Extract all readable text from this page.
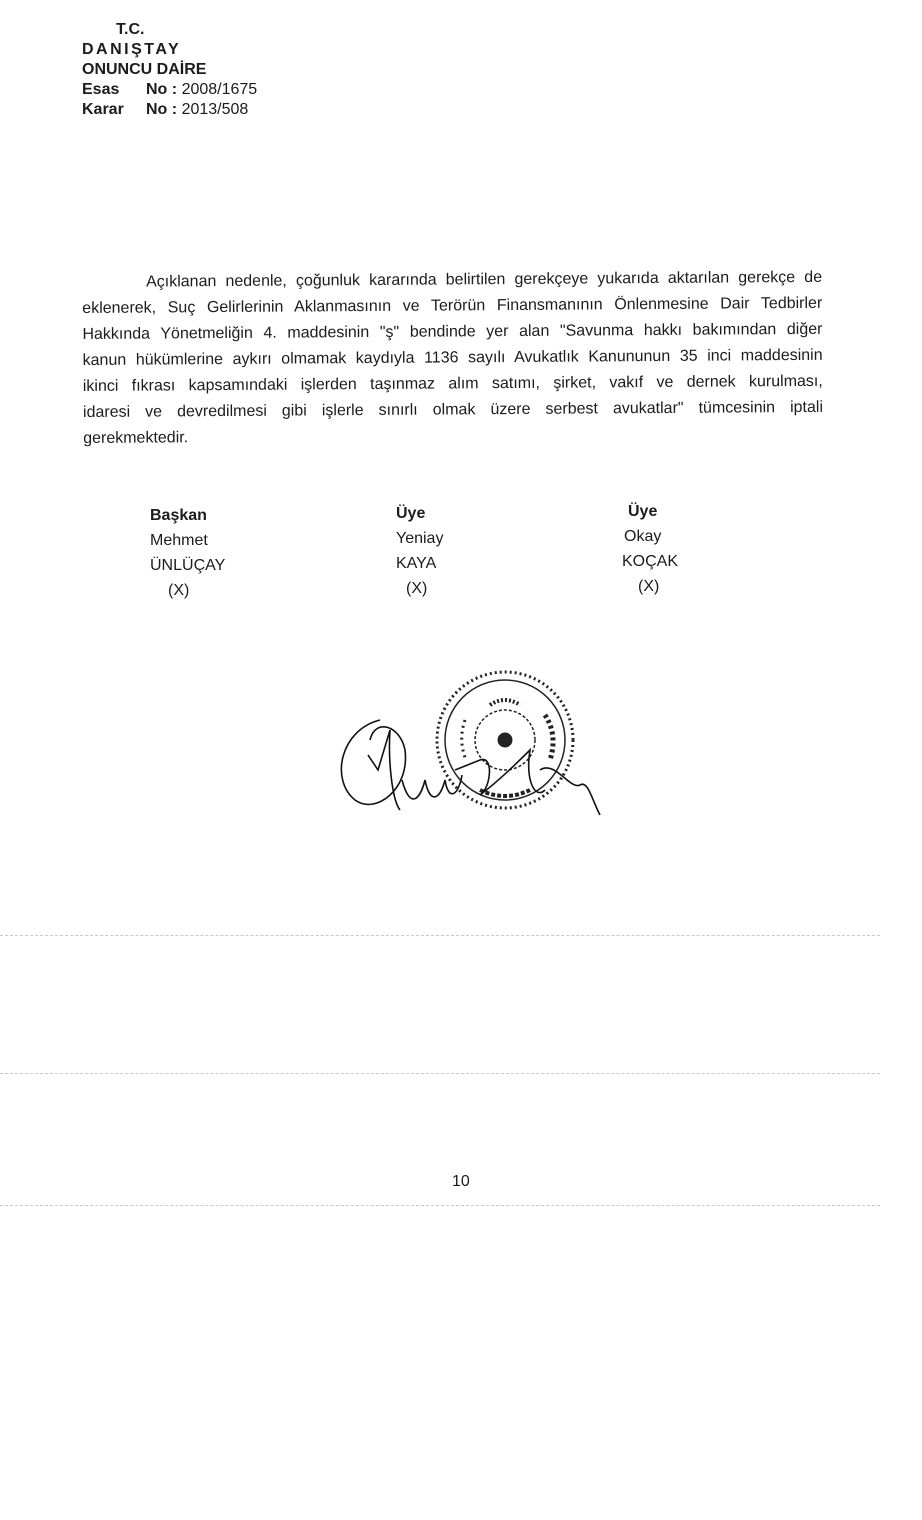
T.C.
DANIŞTAY
ONUNCU DAİRE
Esas No : 2008/1675
Karar No : 2013/508
Açıklanan nedenle, çoğunluk kararında belirtilen gerekçeye yukarıda aktarılan gerekçe de
eklenerek, Suç Gelirlerinin Aklanmasının ve Terörün Finansmanının Önlenmesine Dair Tedbirler
Hakkında Yönetmeliğin 4. maddesinin "ş" bendinde yer alan "Savunma hakkı bakımından diğer
kanun hükümlerine aykırı olmamak kaydıyla 1136 sayılı Avukatlık Kanununun 35 inci maddesinin
ikinci fıkrası kapsamındaki işlerden taşınmaz alım satımı, şirket, vakıf ve dernek kurulması,
idaresi ve devredilmesi gibi işlerle sınırlı olmak üzere serbest avukatlar" tümcesinin iptali
gerekmektedir.
Başkan
Mehmet
ÜNLÜÇAY
(X)
Üye
Yeniay
KAYA
(X)
Üye
Okay
KOÇAK
(X)
10
